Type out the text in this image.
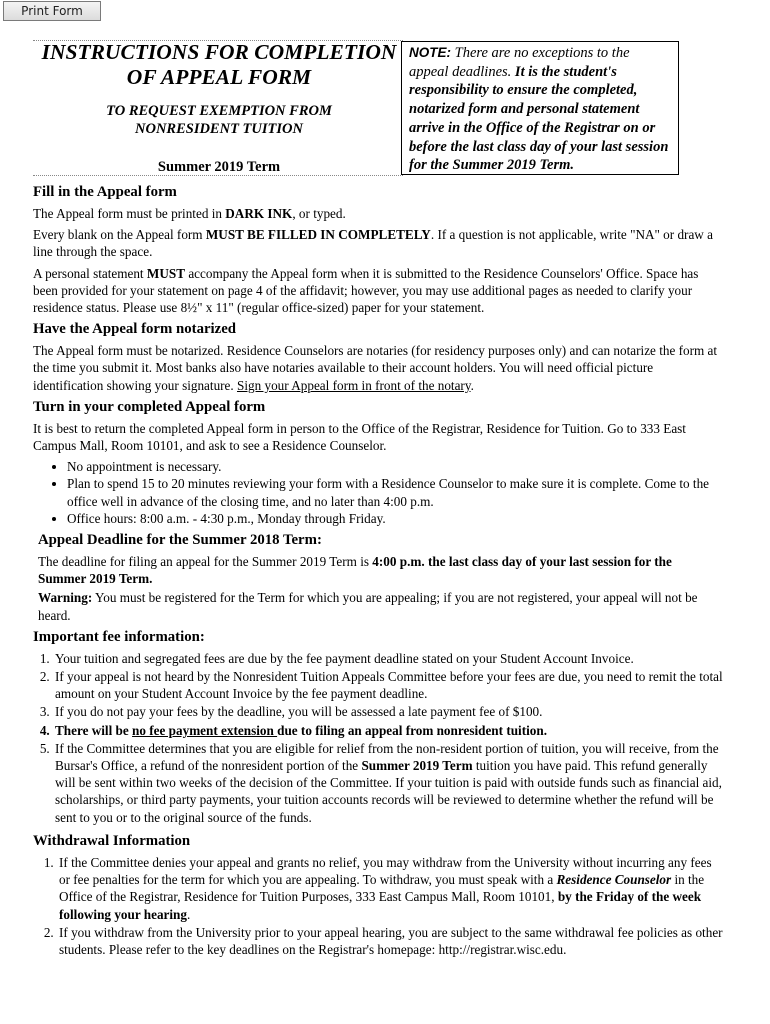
Print Form
INSTRUCTIONS FOR COMPLETION
OF APPEAL FORM
TO REQUEST EXEMPTION FROM
NONRESIDENT TUITION
Summer 2019 Term
NOTE: There are no exceptions to the appeal deadlines. It is the student's responsibility to ensure the completed, notarized form and personal statement arrive in the Office of the Registrar on or before the last class day of your last session for the Summer 2019 Term.
Fill in the Appeal form

The Appeal form must be printed in DARK INK, or typed.

Every blank on the Appeal form MUST BE FILLED IN COMPLETELY. If a question is not applicable, write "NA" or draw a line through the space.

A personal statement MUST accompany the Appeal form when it is submitted to the Residence Counselors' Office. Space has been provided for your statement on page 4 of the affidavit; however, you may use additional pages as needed to clarify your residence status. Please use 8½" x 11" (regular office-sized) paper for your statement.

Have the Appeal form notarized

The Appeal form must be notarized. Residence Counselors are notaries (for residency purposes only) and can notarize the form at the time you submit it. Most banks also have notaries available to their account holders. You will need official picture identification showing your signature. Sign your Appeal form in front of the notary.

Turn in your completed Appeal form

It is best to return the completed Appeal form in person to the Office of the Registrar, Residence for Tuition. Go to 333 East Campus Mall, Room 10101, and ask to see a Residence Counselor.

• No appointment is necessary.
• Plan to spend 15 to 20 minutes reviewing your form with a Residence Counselor to make sure it is complete. Come to the office well in advance of the closing time, and no later than 4:00 p.m.
• Office hours: 8:00 a.m. - 4:30 p.m., Monday through Friday.
Appeal Deadline for the Summer 2018 Term:

The deadline for filing an appeal for the Summer 2019 Term is 4:00 p.m. the last class day of your last session for the Summer 2019 Term.

Warning: You must be registered for the Term for which you are appealing; if you are not registered, your appeal will not be heard.

Important fee information:
1. Your tuition and segregated fees are due by the fee payment deadline stated on your Student Account Invoice.
2. If your appeal is not heard by the Nonresident Tuition Appeals Committee before your fees are due, you need to remit the total amount on your Student Account Invoice by the fee payment deadline.
3. If you do not pay your fees by the deadline, you will be assessed a late payment fee of $100.
4. There will be no fee payment extension due to filing an appeal from nonresident tuition.
5. If the Committee determines that you are eligible for relief from the non-resident portion of tuition, you will receive, from the Bursar's Office, a refund of the nonresident portion of the Summer 2019 Term tuition you have paid. This refund generally will be sent within two weeks of the decision of the Committee. If your tuition is paid with outside funds such as financial aid, scholarships, or third party payments, your tuition accounts records will be reviewed to determine whether the refund will be sent to you or to the original source of the funds.
Withdrawal Information
1. If the Committee denies your appeal and grants no relief, you may withdraw from the University without incurring any fees or fee penalties for the term for which you are appealing. To withdraw, you must speak with a Residence Counselor in the Office of the Registrar, Residence for Tuition Purposes, 333 East Campus Mall, Room 10101, by the Friday of the week following your hearing.
2. If you withdraw from the University prior to your appeal hearing, you are subject to the same withdrawal fee policies as other students. Please refer to the key deadlines on the Registrar's homepage: http://registrar.wisc.edu.
